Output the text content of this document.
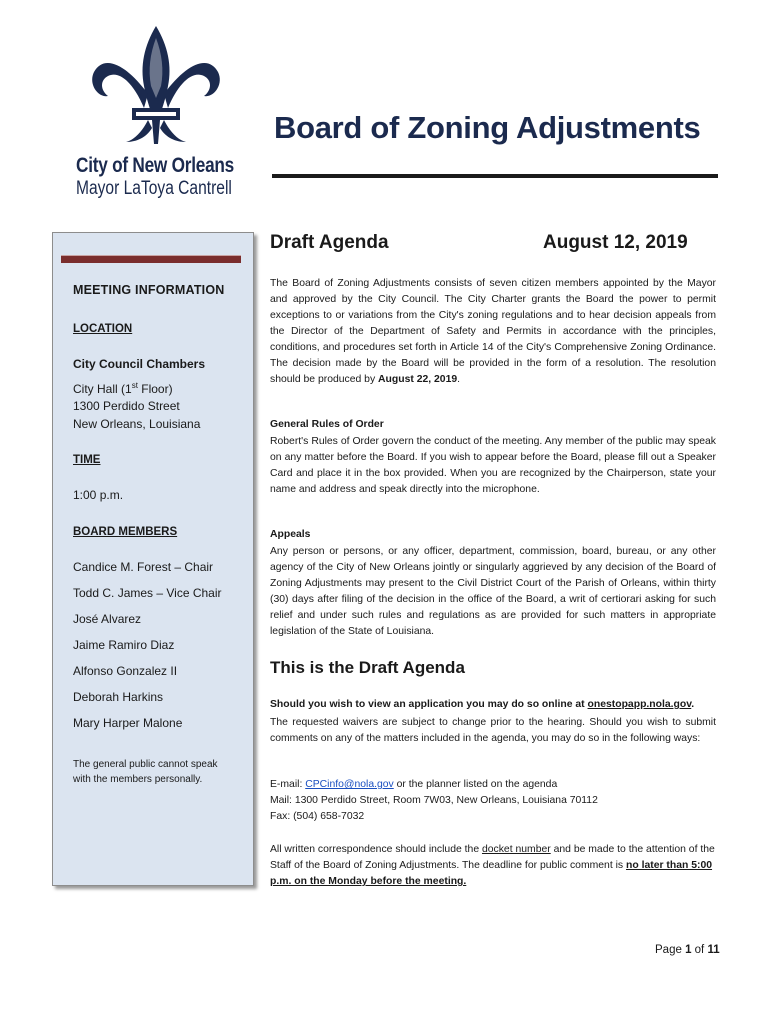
City of New Orleans
Mayor LaToya Cantrell
Board of Zoning Adjustments
MEETING INFORMATION
LOCATION
City Council Chambers
City Hall (1st Floor)
1300 Perdido Street
New Orleans, Louisiana
TIME
1:00 p.m.
BOARD MEMBERS
Candice M. Forest – Chair
Todd C. James – Vice Chair
José Alvarez
Jaime Ramiro Diaz
Alfonso Gonzalez II
Deborah Harkins
Mary Harper Malone
The general public cannot speak
with the members personally.
Draft Agenda	August 12, 2019
The Board of Zoning Adjustments consists of seven citizen members appointed by the Mayor and approved by the City Council. The City Charter grants the Board the power to permit exceptions to or variations from the City's zoning regulations and to hear decision appeals from the Director of the Department of Safety and Permits in accordance with the principles, conditions, and procedures set forth in Article 14 of the City's Comprehensive Zoning Ordinance. The decision made by the Board will be provided in the form of a resolution. The resolution should be produced by August 22, 2019.
General Rules of Order
Robert's Rules of Order govern the conduct of the meeting. Any member of the public may speak on any matter before the Board. If you wish to appear before the Board, please fill out a Speaker Card and place it in the box provided. When you are recognized by the Chairperson, state your name and address and speak directly into the microphone.
Appeals
Any person or persons, or any officer, department, commission, board, bureau, or any other agency of the City of New Orleans jointly or singularly aggrieved by any decision of the Board of Zoning Adjustments may present to the Civil District Court of the Parish of Orleans, within thirty (30) days after filing of the decision in the office of the Board, a writ of certiorari asking for such relief and under such rules and regulations as are provided for such matters in appropriate legislation of the State of Louisiana.
This is the Draft Agenda
Should you wish to view an application you may do so online at onestopapp.nola.gov.
The requested waivers are subject to change prior to the hearing. Should you wish to submit comments on any of the matters included in the agenda, you may do so in the following ways:
E-mail: CPCinfo@nola.gov or the planner listed on the agenda
Mail: 1300 Perdido Street, Room 7W03, New Orleans, Louisiana 70112
Fax: (504) 658-7032
All written correspondence should include the docket number and be made to the attention of the Staff of the Board of Zoning Adjustments. The deadline for public comment is no later than 5:00 p.m. on the Monday before the meeting.
Page 1 of 11
